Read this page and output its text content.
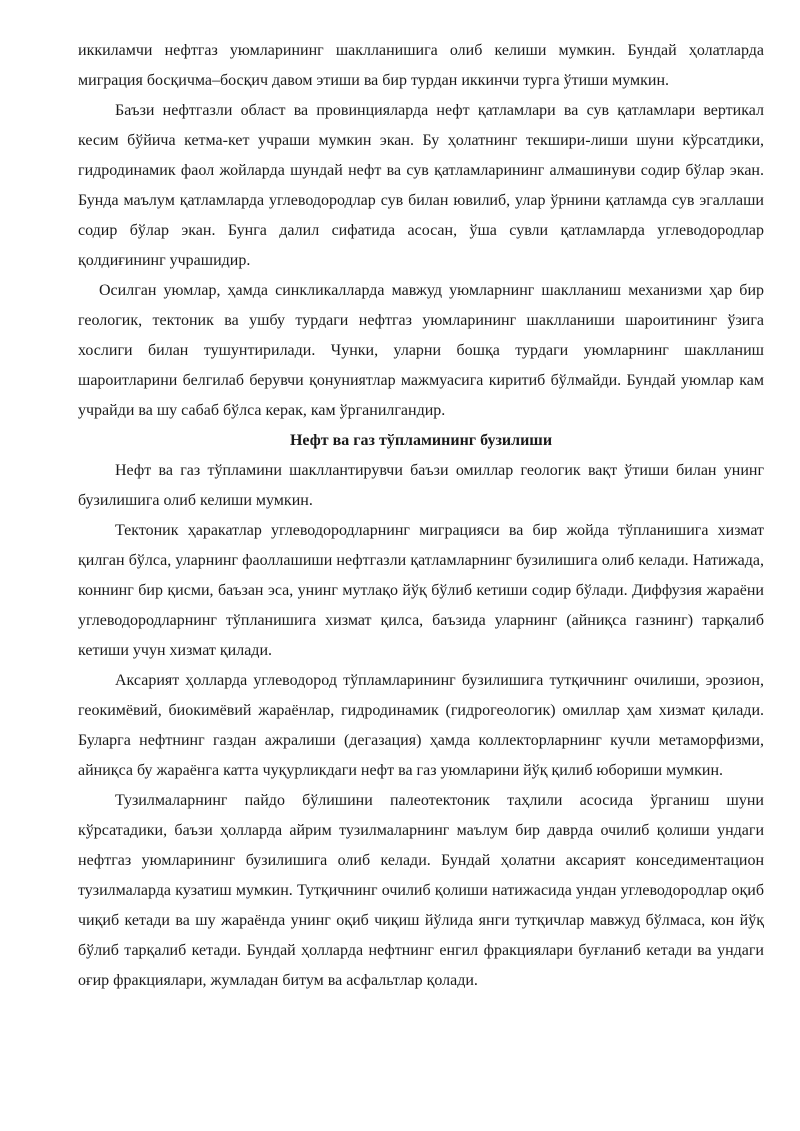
иккиламчи нефтгаз уюмларининг шаклланишига олиб келиши мумкин. Бундай ҳолатларда миграция босқичма–босқич давом этиши ва бир турдан иккинчи турга ўтиши мумкин.

Баъзи нефтгазли област ва провинцияларда нефт қатламлари ва сув қатламлари вертикал кесим бўйича кетма-кет учраши мумкин экан. Бу ҳолатнинг текшири-лиши шуни кўрсатдики, гидродинамик фаол жойларда шундай нефт ва сув қатламларининг алмашинуви содир бўлар экан. Бунда маълум қатламларда углеводородлар сув билан ювилиб, улар ўрнини қатламда сув эгаллаши содир бўлар экан. Бунга далил сифатида асосан, ўша сувли қатламларда углеводородлар қолдиғининг учрашидир.

Осилган уюмлар, ҳамда синкликалларда мавжуд уюмларнинг шаклланиш механизми ҳар бир геологик, тектоник ва ушбу турдаги нефтгаз уюмларининг шаклланиши шароитининг ўзига хослиги билан тушунтирилади. Чунки, уларни бошқа турдаги уюмларнинг шаклланиш шароитларини белгилаб берувчи қонуниятлар мажмуасига киритиб бўлмайди. Бундай уюмлар кам учрайди ва шу сабаб бўлса керак, кам ўрганилгандир.

Нефт ва газ тўпламининг бузилиши

Нефт ва газ тўпламини шакллантирувчи баъзи омиллар геологик вақт ўтиши билан унинг бузилишига олиб келиши мумкин.

Тектоник ҳаракатлар углеводородларнинг миграцияси ва бир жойда тўпланишига хизмат қилган бўлса, уларнинг фаоллашиши нефтгазли қатламларнинг бузилишига олиб келади. Натижада, коннинг бир қисми, баъзан эса, унинг мутлақо йўқ бўлиб кетиши содир бўлади. Диффузия жараёни углеводородларнинг тўпланишига хизмат қилса, баъзида уларнинг (айниқса газнинг) тарқалиб кетиши учун хизмат қилади.

Аксарият ҳолларда углеводород тўпламларининг бузилишига тутқичнинг очилиши, эрозион, геокимёвий, биокимёвий жараёнлар, гидродинамик (гидрогеологик) омиллар ҳам хизмат қилади. Буларга нефтнинг газдан ажралиши (дегазация) ҳамда коллекторларнинг кучли метаморфизми, айниқса бу жараёнга катта чуқурликдаги нефт ва газ уюмларини йўқ қилиб юбориши мумкин.

Тузилмаларнинг пайдо бўлишини палеотектоник таҳлили асосида ўрганиш шуни кўрсатадики, баъзи ҳолларда айрим тузилмаларнинг маълум бир даврда очилиб қолиши ундаги нефтгаз уюмларининг бузилишига олиб келади. Бундай ҳолатни аксарият конседиментацион тузилмаларда кузатиш мумкин. Тутқичнинг очилиб қолиши натижасида ундан углеводородлар оқиб чиқиб кетади ва шу жараёнда унинг оқиб чиқиш йўлида янги тутқичлар мавжуд бўлмаса, кон йўқ бўлиб тарқалиб кетади. Бундай ҳолларда нефтнинг енгил фракциялари буғланиб кетади ва ундаги оғир фракциялари, жумладан битум ва асфальтлар қолади.
